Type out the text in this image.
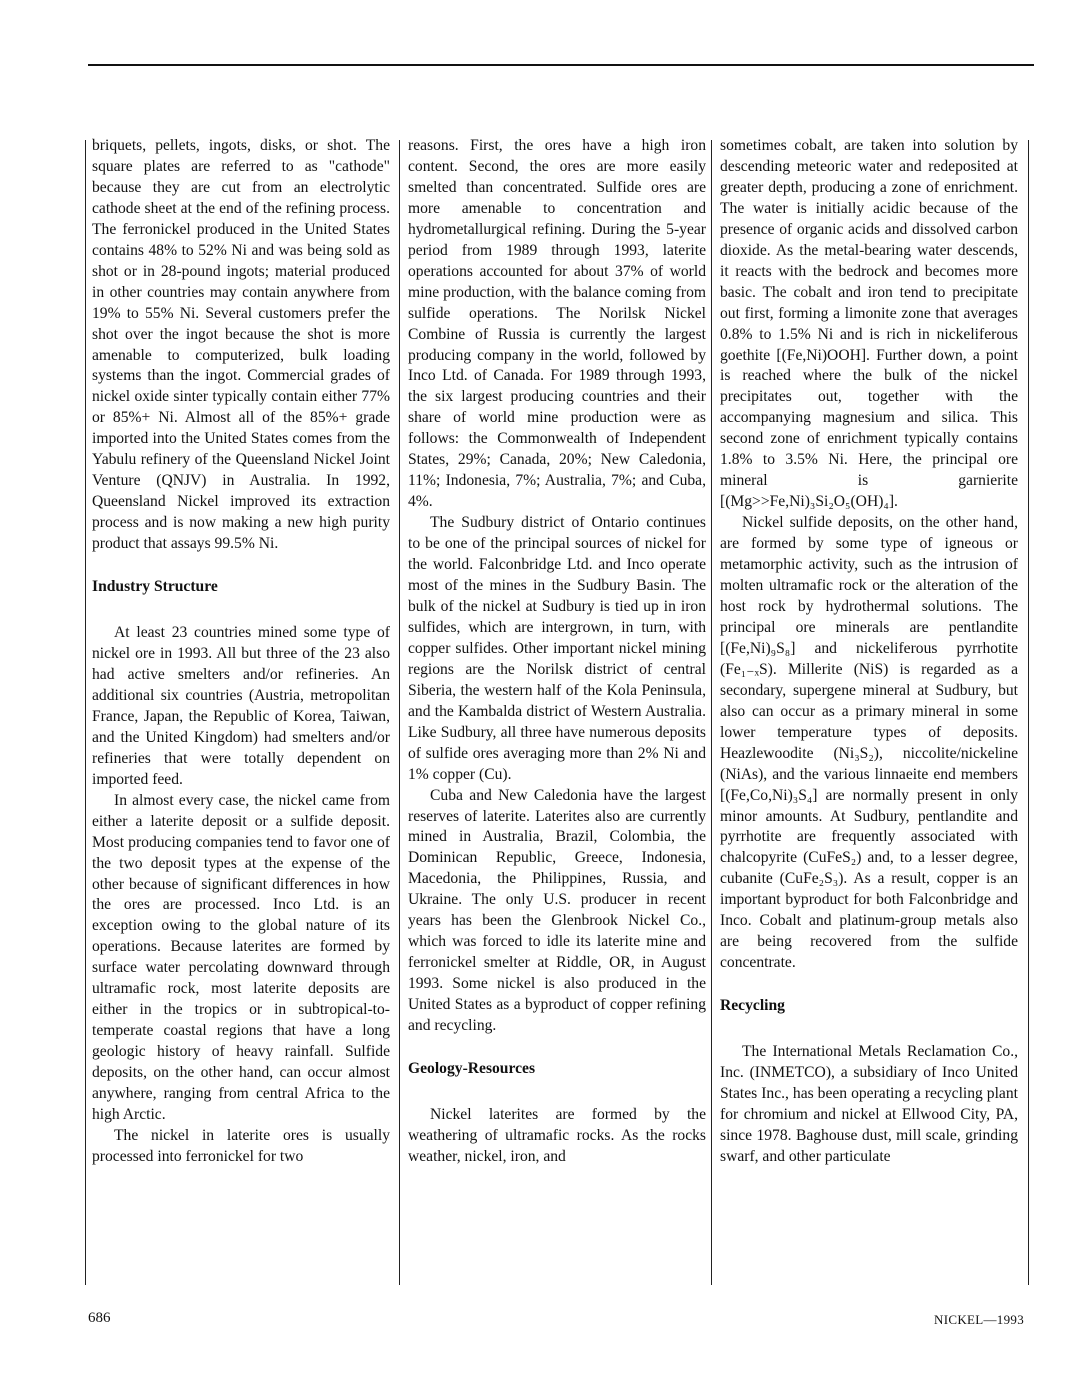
briquets, pellets, ingots, disks, or shot. The square plates are referred to as "cathode" because they are cut from an electrolytic cathode sheet at the end of the refining process. The ferronickel produced in the United States contains 48% to 52% Ni and was being sold as shot or in 28-pound ingots; material produced in other countries may contain anywhere from 19% to 55% Ni. Several customers prefer the shot over the ingot because the shot is more amenable to computerized, bulk loading systems than the ingot. Commercial grades of nickel oxide sinter typically contain either 77% or 85%+ Ni. Almost all of the 85%+ grade imported into the United States comes from the Yabulu refinery of the Queensland Nickel Joint Venture (QNJV) in Australia. In 1992, Queensland Nickel improved its extraction process and is now making a new high purity product that assays 99.5% Ni.

Industry Structure

At least 23 countries mined some type of nickel ore in 1993. All but three of the 23 also had active smelters and/or refineries. An additional six countries (Austria, metropolitan France, Japan, the Republic of Korea, Taiwan, and the United Kingdom) had smelters and/or refineries that were totally dependent on imported feed.

In almost every case, the nickel came from either a laterite deposit or a sulfide deposit. Most producing companies tend to favor one of the two deposit types at the expense of the other because of significant differences in how the ores are processed. Inco Ltd. is an exception owing to the global nature of its operations. Because laterites are formed by surface water percolating downward through ultramafic rock, most laterite deposits are either in the tropics or in subtropical-to-temperate coastal regions that have a long geologic history of heavy rainfall. Sulfide deposits, on the other hand, can occur almost anywhere, ranging from central Africa to the high Arctic.

The nickel in laterite ores is usually processed into ferronickel for two

reasons. First, the ores have a high iron content. Second, the ores are more easily smelted than concentrated. Sulfide ores are more amenable to concentration and hydrometallurgical refining. During the 5-year period from 1989 through 1993, laterite operations accounted for about 37% of world mine production, with the balance coming from sulfide operations. The Norilsk Nickel Combine of Russia is currently the largest producing company in the world, followed by Inco Ltd. of Canada. For 1989 through 1993, the six largest producing countries and their share of world mine production were as follows: the Commonwealth of Independent States, 29%; Canada, 20%; New Caledonia, 11%; Indonesia, 7%; Australia, 7%; and Cuba, 4%.

The Sudbury district of Ontario continues to be one of the principal sources of nickel for the world. Falconbridge Ltd. and Inco operate most of the mines in the Sudbury Basin. The bulk of the nickel at Sudbury is tied up in iron sulfides, which are intergrown, in turn, with copper sulfides. Other important nickel mining regions are the Norilsk district of central Siberia, the western half of the Kola Peninsula, and the Kambalda district of Western Australia. Like Sudbury, all three have numerous deposits of sulfide ores averaging more than 2% Ni and 1% copper (Cu).

Cuba and New Caledonia have the largest reserves of laterite. Laterites also are currently mined in Australia, Brazil, Colombia, the Dominican Republic, Greece, Indonesia, Macedonia, the Philippines, Russia, and Ukraine. The only U.S. producer in recent years has been the Glenbrook Nickel Co., which was forced to idle its laterite mine and ferronickel smelter at Riddle, OR, in August 1993. Some nickel is also produced in the United States as a byproduct of copper refining and recycling.

Geology-Resources

Nickel laterites are formed by the weathering of ultramafic rocks. As the rocks weather, nickel, iron, and

sometimes cobalt, are taken into solution by descending meteoric water and redeposited at greater depth, producing a zone of enrichment. The water is initially acidic because of the presence of organic acids and dissolved carbon dioxide. As the metal-bearing water descends, it reacts with the bedrock and becomes more basic. The cobalt and iron tend to precipitate out first, forming a limonite zone that averages 0.8% to 1.5% Ni and is rich in nickeliferous goethite [(Fe,Ni)OOH]. Further down, a point is reached where the bulk of the nickel precipitates out, together with the accompanying magnesium and silica. This second zone of enrichment typically contains 1.8% to 3.5% Ni. Here, the principal ore mineral is garnierite [(Mg>>Fe,Ni)₃Si₂O₅(OH)₄].

Nickel sulfide deposits, on the other hand, are formed by some type of igneous or metamorphic activity, such as the intrusion of molten ultramafic rock or the alteration of the host rock by hydrothermal solutions. The principal ore minerals are pentlandite [(Fe,Ni)₉S₈] and nickeliferous pyrrhotite (Fe₁₋ₓS). Millerite (NiS) is regarded as a secondary, supergene mineral at Sudbury, but also can occur as a primary mineral in some lower temperature types of deposits. Heazlewoodite (Ni₃S₂), niccolite/nickeline (NiAs), and the various linnaeite end members [(Fe,Co,Ni)₃S₄] are normally present in only minor amounts. At Sudbury, pentlandite and pyrrhotite are frequently associated with chalcopyrite (CuFeS₂) and, to a lesser degree, cubanite (CuFe₂S₃). As a result, copper is an important byproduct for both Falconbridge and Inco. Cobalt and platinum-group metals also are being recovered from the sulfide concentrate.

Recycling

The International Metals Reclamation Co., Inc. (INMETCO), a subsidiary of Inco United States Inc., has been operating a recycling plant for chromium and nickel at Ellwood City, PA, since 1978. Baghouse dust, mill scale, grinding swarf, and other particulate

686	NICKEL—1993
